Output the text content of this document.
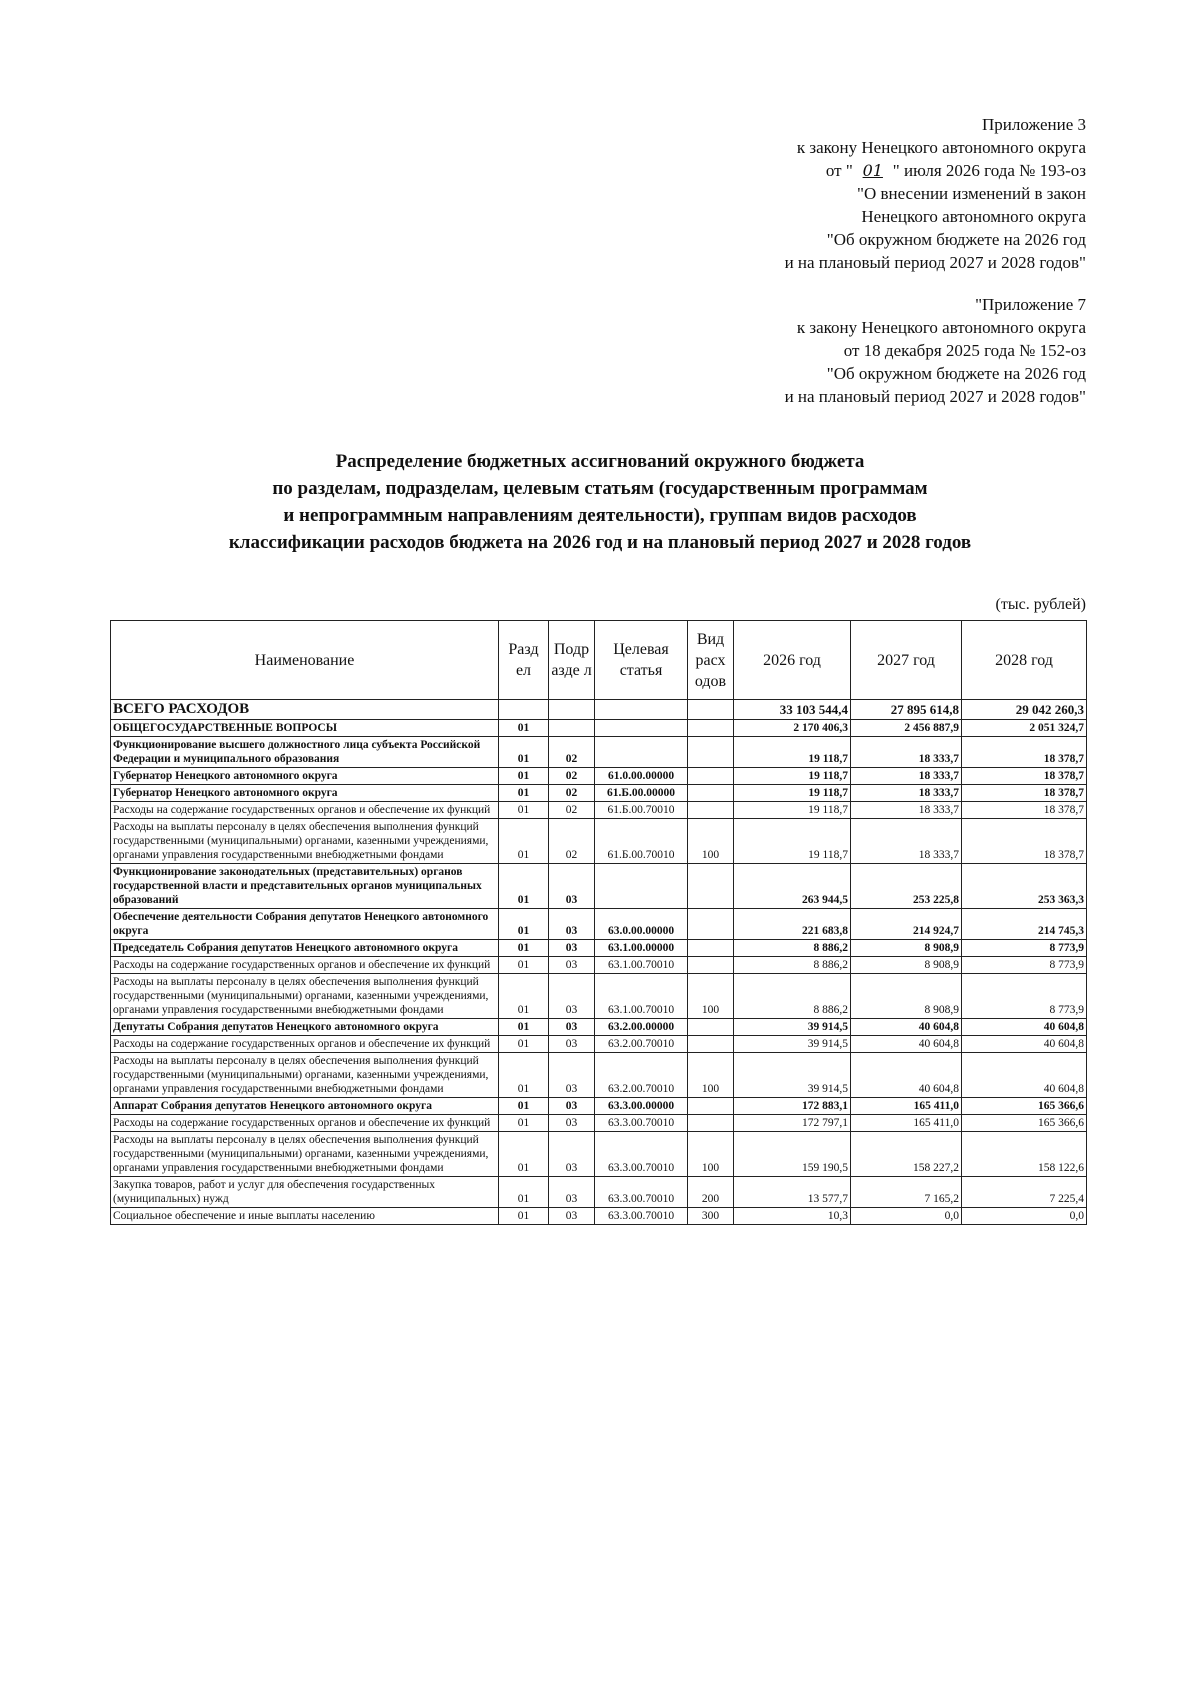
Приложение 3
к закону Ненецкого автономного округа
от " 01 " июля 2026 года № 193-оз
"О внесении изменений в закон
Ненецкого автономного округа
"Об окружном бюджете на 2026 год
и на плановый период 2027 и 2028 годов"
"Приложение 7
к закону Ненецкого автономного округа
от 18 декабря 2025 года № 152-оз
"Об окружном бюджете на 2026 год
и на плановый период 2027 и 2028 годов"
Распределение бюджетных ассигнований окружного бюджета
по разделам, подразделам, целевым статьям (государственным программам
и непрограммным направлениям деятельности), группам видов расходов
классификации расходов бюджета на 2026 год и на плановый период 2027 и 2028 годов
(тыс. рублей)
Наименование	Разд ел	Подр азде л	Целевая статья	Вид расх одов	2026 год	2027 год	2028 год
ВСЕГО РАСХОДОВ					33 103 544,4	27 895 614,8	29 042 260,3
ОБЩЕГОСУДАРСТВЕННЫЕ ВОПРОСЫ	01				2 170 406,3	2 456 887,9	2 051 324,7
Функционирование высшего должностного лица субъекта Российской Федерации и муниципального образования	01	02			19 118,7	18 333,7	18 378,7
Губернатор Ненецкого автономного округа	01	02	61.0.00.00000		19 118,7	18 333,7	18 378,7
Губернатор Ненецкого автономного округа	01	02	61.Б.00.00000		19 118,7	18 333,7	18 378,7
Расходы на содержание государственных органов и обеспечение их функций	01	02	61.Б.00.70010		19 118,7	18 333,7	18 378,7
Расходы на выплаты персоналу в целях обеспечения выполнения функций государственными (муниципальными) органами, казенными учреждениями, органами управления государственными внебюджетными фондами	01	02	61.Б.00.70010	100	19 118,7	18 333,7	18 378,7
Функционирование законодательных (представительных) органов государственной власти и представительных органов муниципальных образований	01	03			263 944,5	253 225,8	253 363,3
Обеспечение деятельности Собрания депутатов Ненецкого автономного округа	01	03	63.0.00.00000		221 683,8	214 924,7	214 745,3
Председатель Собрания депутатов Ненецкого автономного округа	01	03	63.1.00.00000		8 886,2	8 908,9	8 773,9
Расходы на содержание государственных органов и обеспечение их функций	01	03	63.1.00.70010		8 886,2	8 908,9	8 773,9
Расходы на выплаты персоналу в целях обеспечения выполнения функций государственными (муниципальными) органами, казенными учреждениями, органами управления государственными внебюджетными фондами	01	03	63.1.00.70010	100	8 886,2	8 908,9	8 773,9
Депутаты Собрания депутатов Ненецкого автономного округа	01	03	63.2.00.00000		39 914,5	40 604,8	40 604,8
Расходы на содержание государственных органов и обеспечение их функций	01	03	63.2.00.70010		39 914,5	40 604,8	40 604,8
Расходы на выплаты персоналу в целях обеспечения выполнения функций государственными (муниципальными) органами, казенными учреждениями, органами управления государственными внебюджетными фондами	01	03	63.2.00.70010	100	39 914,5	40 604,8	40 604,8
Аппарат Собрания депутатов Ненецкого автономного округа	01	03	63.3.00.00000		172 883,1	165 411,0	165 366,6
Расходы на содержание государственных органов и обеспечение их функций	01	03	63.3.00.70010		172 797,1	165 411,0	165 366,6
Расходы на выплаты персоналу в целях обеспечения выполнения функций государственными (муниципальными) органами, казенными учреждениями, органами управления государственными внебюджетными фондами	01	03	63.3.00.70010	100	159 190,5	158 227,2	158 122,6
Закупка товаров, работ и услуг для обеспечения государственных (муниципальных) нужд	01	03	63.3.00.70010	200	13 577,7	7 165,2	7 225,4
Социальное обеспечение и иные выплаты населению	01	03	63.3.00.70010	300	10,3	0,0	0,0
